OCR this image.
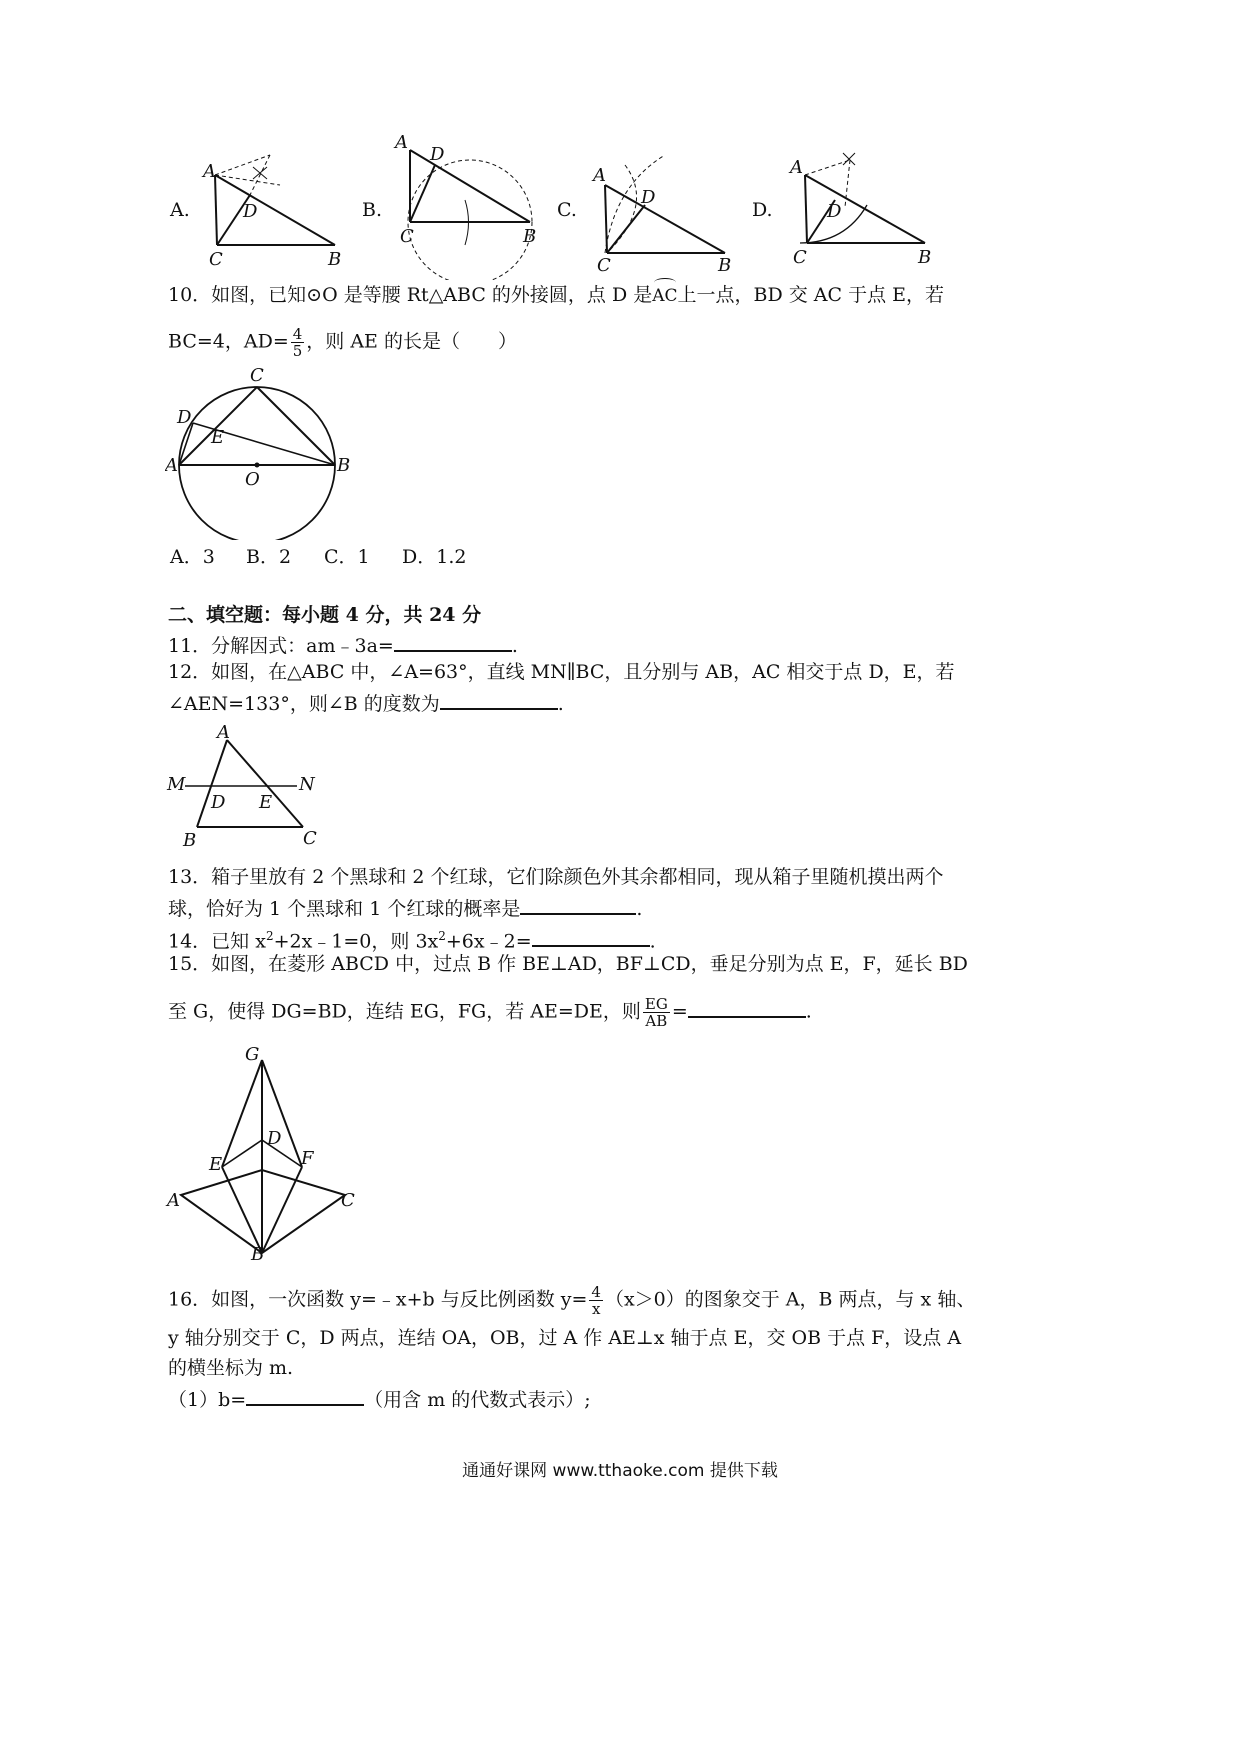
A.
A
D
C	B
B.
A
D
C	B
C.
A
D
C	B
D.
A
D
C	B
10．如图，已知⊙O 是等腰 Rt△ABC 的外接圆，点 D 是AC上一点，BD 交 AC 于点 E，若
BC=4，$AD= \frac{4}{5}$ ，则 AE 的长是（　　）
C
D
E
A
O
B
A．3 B．2 C．1 D．1.2
二、填空题：每小题 4 分，共 24 分
11．分解因式：am﹣3a=	.
12．如图，在△ABC 中，∠A=63°，直线 MN∥BC，且分别与 AB，AC 相交于点 D，E，若
∠AEN=133°，则∠B 的度数为	.
A
M	N
D E
B	C
13．箱子里放有 2 个黑球和 2 个红球，它们除颜色外其余都相同，现从箱子里随机摸出两个
球，恰好为 1 个黑球和 1 个红球的概率是	.
14．已知 $x^2+2x﹣1=0$，则 $3x^2+6x﹣2=$	.
15．如图，在菱形 ABCD 中，过点 B 作 BE⊥AD，BF⊥CD，垂足分别为点 E，F，延长 BD
至 G，使得 DG=BD，连结 EG，FG，若 AE=DE，则 $\frac{EG}{AB}$ =	.
G
D
E	F
A	C
B
16．如图，一次函数 y=﹣x+b 与反比例函数 $y= \frac{4}{x} (x>0)$的图象交于 A，B 两点，与 x 轴、
y 轴分别交于 C，D 两点，连结 OA，OB，过 A 作 AE⊥x 轴于点 E，交 OB 于点 F，设点 A
的横坐标为 m.
（1）b=	（用含 m 的代数式表示）;
通通好课网 www.tthaoke.com 提供下载
